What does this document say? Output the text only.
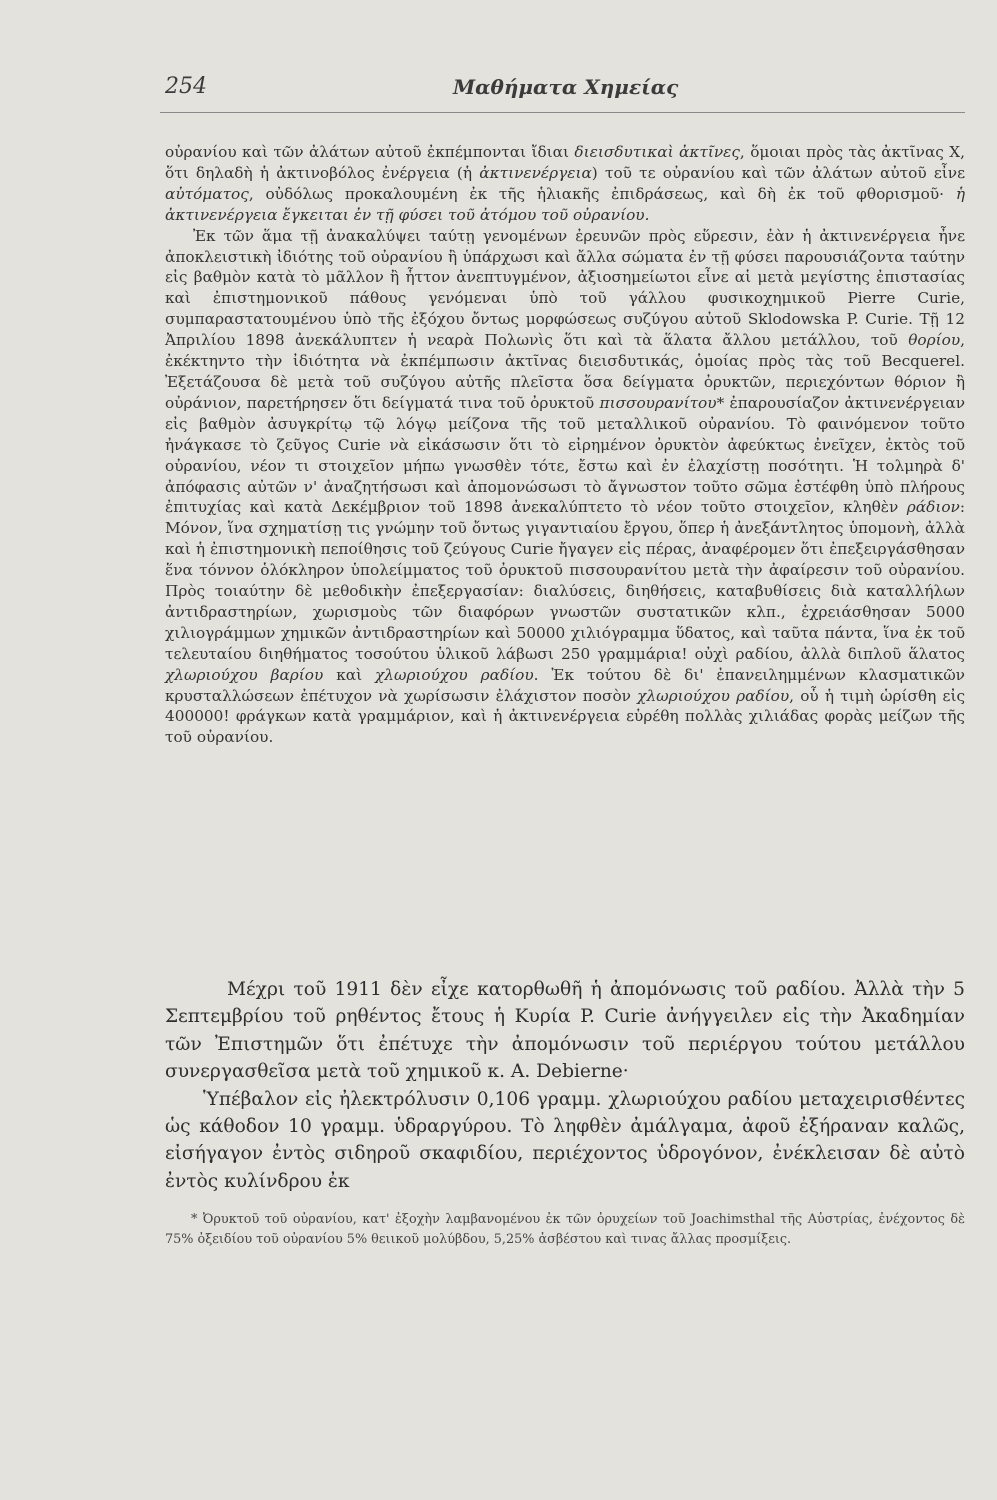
254	Μαθήματα Χημείας

οὐρανίου καὶ τῶν ἀλάτων αὐτοῦ ἐκπέμπονται ἴδιαι διεισδυτικαὶ ἀκτῖνες, ὅμοιαι πρὸς τὰς ἀκτῖνας X, ὅτι δηλαδὴ ἡ ἀκτινοβόλος ἐνέργεια (ἡ ἀκτινενέργεια) τοῦ τε οὐρανίου καὶ τῶν ἀλάτων αὐτοῦ εἶνε αὐτόματος, οὐδόλως προκαλουμένη ἐκ τῆς ἡλιακῆς ἐπιδράσεως, καὶ δὴ ἐκ τοῦ φθορισμοῦ· ἡ ἀκτινενέργεια ἔγκειται ἐν τῇ φύσει τοῦ ἀτόμου τοῦ οὐρανίου.

Ἐκ τῶν ἅμα τῇ ἀνακαλύψει ταύτῃ γενομένων ἐρευνῶν πρὸς εὕρεσιν, ἐὰν ἡ ἀκτινενέργεια ἦνε ἀποκλειστικὴ ἰδιότης τοῦ οὐρανίου ἢ ὑπάρχωσι καὶ ἄλλα σώματα ἐν τῇ φύσει παρουσιάζοντα ταύτην εἰς βαθμὸν κατὰ τὸ μᾶλλον ἢ ἧττον ἀνεπτυγμένον, ἀξιοσημείωτοι εἶνε αἱ μετὰ μεγίστης ἐπιστασίας καὶ ἐπιστημονικοῦ πάθους γενόμεναι ὑπὸ τοῦ γάλλου φυσικοχημικοῦ Pierre Curie, συμπαραστατουμένου ὑπὸ τῆς ἐξόχου ὄντως μορφώσεως συζύγου αὐτοῦ Sklodowska P. Curie. Τῇ 12 Ἀπριλίου 1898 ἀνεκάλυπτεν ἡ νεαρὰ Πολωνὶς ὅτι καὶ τὰ ἅλατα ἄλλου μετάλλου, τοῦ θορίου, ἐκέκτηντο τὴν ἰδιότητα νὰ ἐκπέμπωσιν ἀκτῖνας διεισδυτικάς, ὁμοίας πρὸς τὰς τοῦ Becquerel. Ἐξετάζουσα δὲ μετὰ τοῦ συζύγου αὐτῆς πλεῖστα ὅσα δείγματα ὀρυκτῶν, περιεχόντων θόριον ἢ οὐράνιον, παρετήρησεν ὅτι δείγματά τινα τοῦ ὀρυκτοῦ πισσουρανίτου* ἐπαρουσίαζον ἀκτινενέργειαν εἰς βαθμὸν ἀσυγκρίτῳ τῷ λόγῳ μείζονα τῆς τοῦ μεταλλικοῦ οὐρανίου. Τὸ φαινόμενον τοῦτο ἠνάγκασε τὸ ζεῦγος Curie νὰ εἰκάσωσιν ὅτι τὸ εἰρημένον ὀρυκτὸν ἀφεύκτως ἐνεῖχεν, ἐκτὸς τοῦ οὐρανίου, νέον τι στοιχεῖον μήπω γνωσθὲν τότε, ἔστω καὶ ἐν ἐλαχίστῃ ποσότητι. Ἡ τολμηρὰ δ' ἀπόφασις αὐτῶν ν' ἀναζητήσωσι καὶ ἀπομονώσωσι τὸ ἄγνωστον τοῦτο σῶμα ἐστέφθη ὑπὸ πλήρους ἐπιτυχίας καὶ κατὰ Δεκέμβριον τοῦ 1898 ἀνεκαλύπτετο τὸ νέον τοῦτο στοιχεῖον, κληθὲν ράδιον: Μόνον, ἵνα σχηματίσῃ τις γνώμην τοῦ ὄντως γιγαντιαίου ἔργου, ὅπερ ἡ ἀνεξάντλητος ὑπομονὴ, ἀλλὰ καὶ ἡ ἐπιστημονικὴ πεποίθησις τοῦ ζεύγους Curie ἤγαγεν εἰς πέρας, ἀναφέρομεν ὅτι ἐπεξειργάσθησαν ἕνα τόννον ὁλόκληρον ὑπολείμματος τοῦ ὀρυκτοῦ πισσουρανίτου μετὰ τὴν ἀφαίρεσιν τοῦ οὐρανίου. Πρὸς τοιαύτην δὲ μεθοδικὴν ἐπεξεργασίαν: διαλύσεις, διηθήσεις, καταβυθίσεις διὰ καταλλήλων ἀντιδραστηρίων, χωρισμοὺς τῶν διαφόρων γνωστῶν συστατικῶν κλπ., ἐχρειάσθησαν 5000 χιλιογράμμων χημικῶν ἀντιδραστηρίων καὶ 50000 χιλιόγραμμα ὕδατος, καὶ ταῦτα πάντα, ἵνα ἐκ τοῦ τελευταίου διηθήματος τοσούτου ὑλικοῦ λάβωσι 250 γραμμάρια! οὐχὶ ραδίου, ἀλλὰ διπλοῦ ἅλατος χλωριούχου βαρίου καὶ χλωριούχου ραδίου. Ἐκ τούτου δὲ δι' ἐπανειλημμένων κλασματικῶν κρυσταλλώσεων ἐπέτυχον νὰ χωρίσωσιν ἐλάχιστον ποσὸν χλωριούχου ραδίου, οὗ ἡ τιμὴ ὡρίσθη εἰς 400000! φράγκων κατὰ γραμμάριον, καὶ ἡ ἀκτινενέργεια εὑρέθη πολλὰς χιλιάδας φορὰς μείζων τῆς τοῦ οὐρανίου.

Μέχρι τοῦ 1911 δὲν εἶχε κατορθωθῆ ἡ ἀπομόνωσις τοῦ ραδίου. Ἀλλὰ τὴν 5 Σεπτεμβρίου τοῦ ρηθέντος ἔτους ἡ Κυρία P. Curie ἀνήγγειλεν εἰς τὴν Ἀκαδημίαν τῶν Ἐπιστημῶν ὅτι ἐπέτυχε τὴν ἀπομόνωσιν τοῦ περιέργου τούτου μετάλλου συνεργασθεῖσα μετὰ τοῦ χημικοῦ κ. A. Debierne·

Ὑπέβαλον εἰς ἠλεκτρόλυσιν 0,106 γραμμ. χλωριούχου ραδίου μεταχειρισθέντες ὡς κάθοδον 10 γραμμ. ὑδραργύρου. Τὸ ληφθὲν ἀμάλγαμα, ἀφοῦ ἐξήραναν καλῶς, εἰσήγαγον ἐντὸς σιδηροῦ σκαφιδίου, περιέχοντος ὑδρογόνον, ἐνέκλεισαν δὲ αὐτὸ ἐντὸς κυλίνδρου ἐκ

* Ὀρυκτοῦ τοῦ οὐρανίου, κατ' ἐξοχὴν λαμβανομένου ἐκ τῶν ὀρυχείων τοῦ Joachimsthal τῆς Αὐστρίας, ἐνέχοντος δὲ 75% ὀξειδίου τοῦ οὐρανίου 5% θειικοῦ μολύβδου, 5,25% ἀσβέστου καὶ τινας ἄλλας προσμίξεις.
